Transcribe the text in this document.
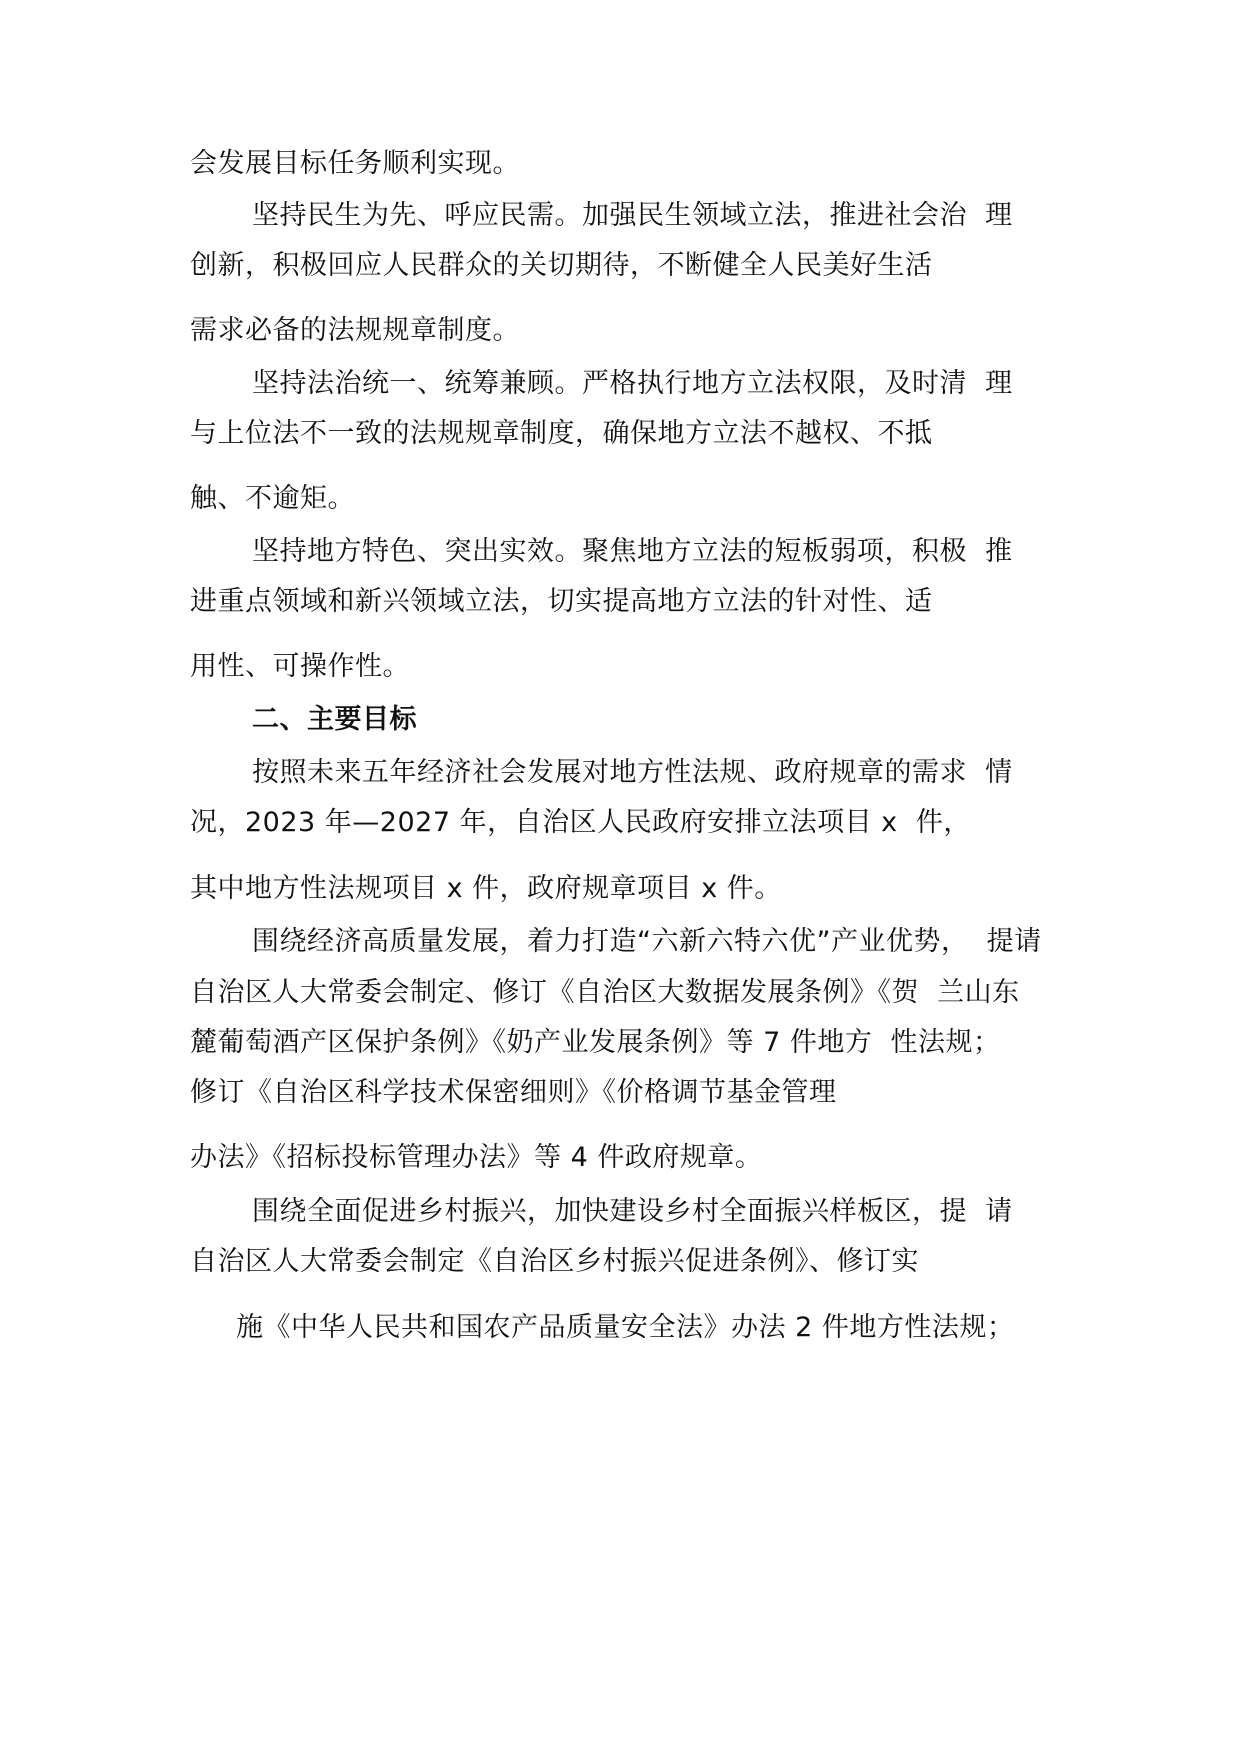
会发展目标任务顺利实现。
坚持民生为先、呼应民需。加强民生领域立法，推进社会治  理
创新，积极回应人民群众的关切期待，不断健全人民美好生活
需求必备的法规规章制度。
坚持法治统一、统筹兼顾。严格执行地方立法权限，及时清  理
与上位法不一致的法规规章制度，确保地方立法不越权、不抵
触、不逾矩。
坚持地方特色、突出实效。聚焦地方立法的短板弱项，积极  推
进重点领域和新兴领域立法，切实提高地方立法的针对性、适
用性、可操作性。
二、主要目标
按照未来五年经济社会发展对地方性法规、政府规章的需求  情
况，2023 年—2027 年，自治区人民政府安排立法项目 x  件，
其中地方性法规项目 x 件，政府规章项目 x 件。
围绕经济高质量发展，着力打造“六新六特六优”产业优势，  提请
自治区人大常委会制定、修订《自治区大数据发展条例》《贺  兰山东
麓葡萄酒产区保护条例》《奶产业发展条例》等 7 件地方  性法规；
修订《自治区科学技术保密细则》《价格调节基金管理
办法》《招标投标管理办法》等 4 件政府规章。
围绕全面促进乡村振兴，加快建设乡村全面振兴样板区，提  请
自治区人大常委会制定《自治区乡村振兴促进条例》、修订实
施《中华人民共和国农产品质量安全法》办法 2 件地方性法规；
